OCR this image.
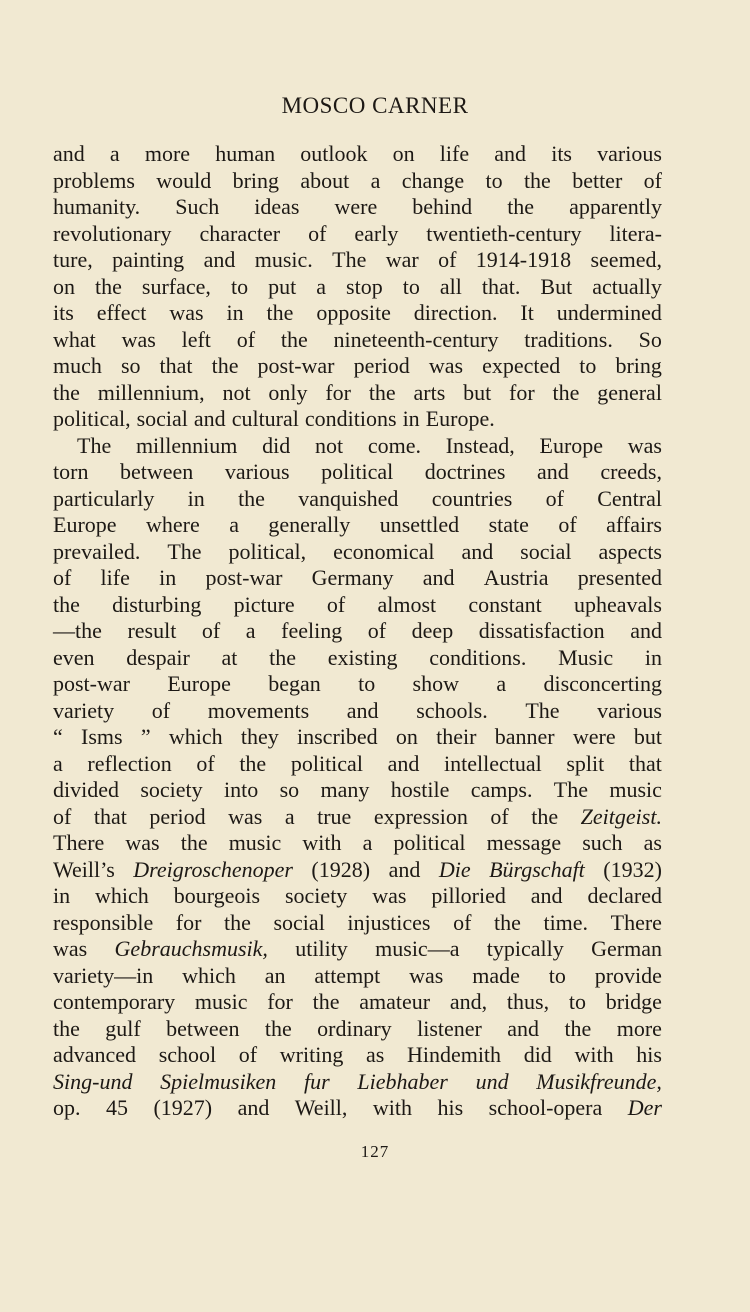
MOSCO CARNER
and a more human outlook on life and its various
problems would bring about a change to the better of
humanity. Such ideas were behind the apparently
revolutionary character of early twentieth-century litera-
ture, painting and music. The war of 1914-1918 seemed,
on the surface, to put a stop to all that. But actually
its effect was in the opposite direction. It undermined
what was left of the nineteenth-century traditions. So
much so that the post-war period was expected to bring
the millennium, not only for the arts but for the general
political, social and cultural conditions in Europe.
The millennium did not come. Instead, Europe was
torn between various political doctrines and creeds,
particularly in the vanquished countries of Central
Europe where a generally unsettled state of affairs
prevailed. The political, economical and social aspects
of life in post-war Germany and Austria presented
the disturbing picture of almost constant upheavals
—the result of a feeling of deep dissatisfaction and
even despair at the existing conditions. Music in
post-war Europe began to show a disconcerting
variety of movements and schools. The various
“ Isms ” which they inscribed on their banner were but
a reflection of the political and intellectual split that
divided society into so many hostile camps. The music
of that period was a true expression of the Zeitgeist.
There was the music with a political message such as
Weill’s Dreigroschenoper (1928) and Die Bürgschaft (1932)
in which bourgeois society was pilloried and declared
responsible for the social injustices of the time. There
was Gebrauchsmusik, utility music—a typically German
variety—in which an attempt was made to provide
contemporary music for the amateur and, thus, to bridge
the gulf between the ordinary listener and the more
advanced school of writing as Hindemith did with his
Sing-und Spielmusiken fur Liebhaber und Musikfreunde,
op. 45 (1927) and Weill, with his school-opera Der
127
